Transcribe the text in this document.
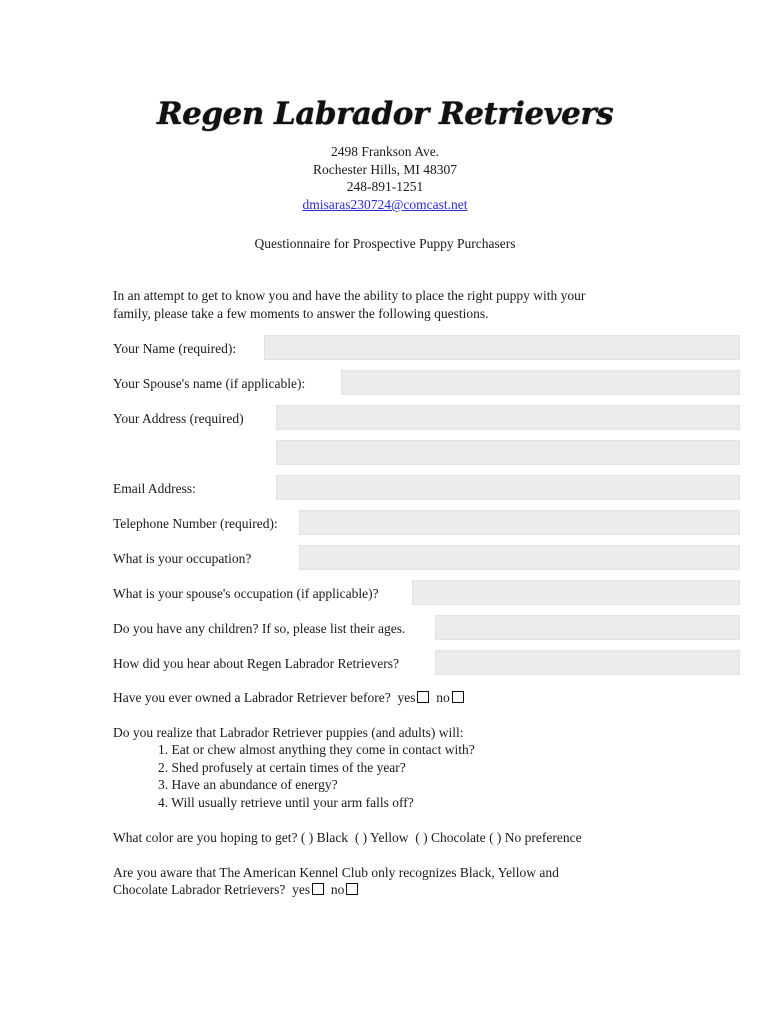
Regen Labrador Retrievers
2498 Frankson Ave.
Rochester Hills, MI 48307
248-891-1251
dmisaras230724@comcast.net
Questionnaire for Prospective Puppy Purchasers
In an attempt to get to know you and have the ability to place the right puppy with your
family, please take a few moments to answer the following questions.
Your Name (required):
Your Spouse's name (if applicable):
Your Address (required)
Email Address:
Telephone Number (required):
What is your occupation?
What is your spouse's occupation (if applicable)?
Do you have any children? If so, please list their ages.
How did you hear about Regen Labrador Retrievers?
Have you ever owned a Labrador Retriever before? yes no
Do you realize that Labrador Retriever puppies (and adults) will:
1. Eat or chew almost anything they come in contact with?
2. Shed profusely at certain times of the year?
3. Have an abundance of energy?
4. Will usually retrieve until your arm falls off?
What color are you hoping to get? ( ) Black ( ) Yellow ( ) Chocolate ( ) No preference
Are you aware that The American Kennel Club only recognizes Black, Yellow and
Chocolate Labrador Retrievers? yes no
